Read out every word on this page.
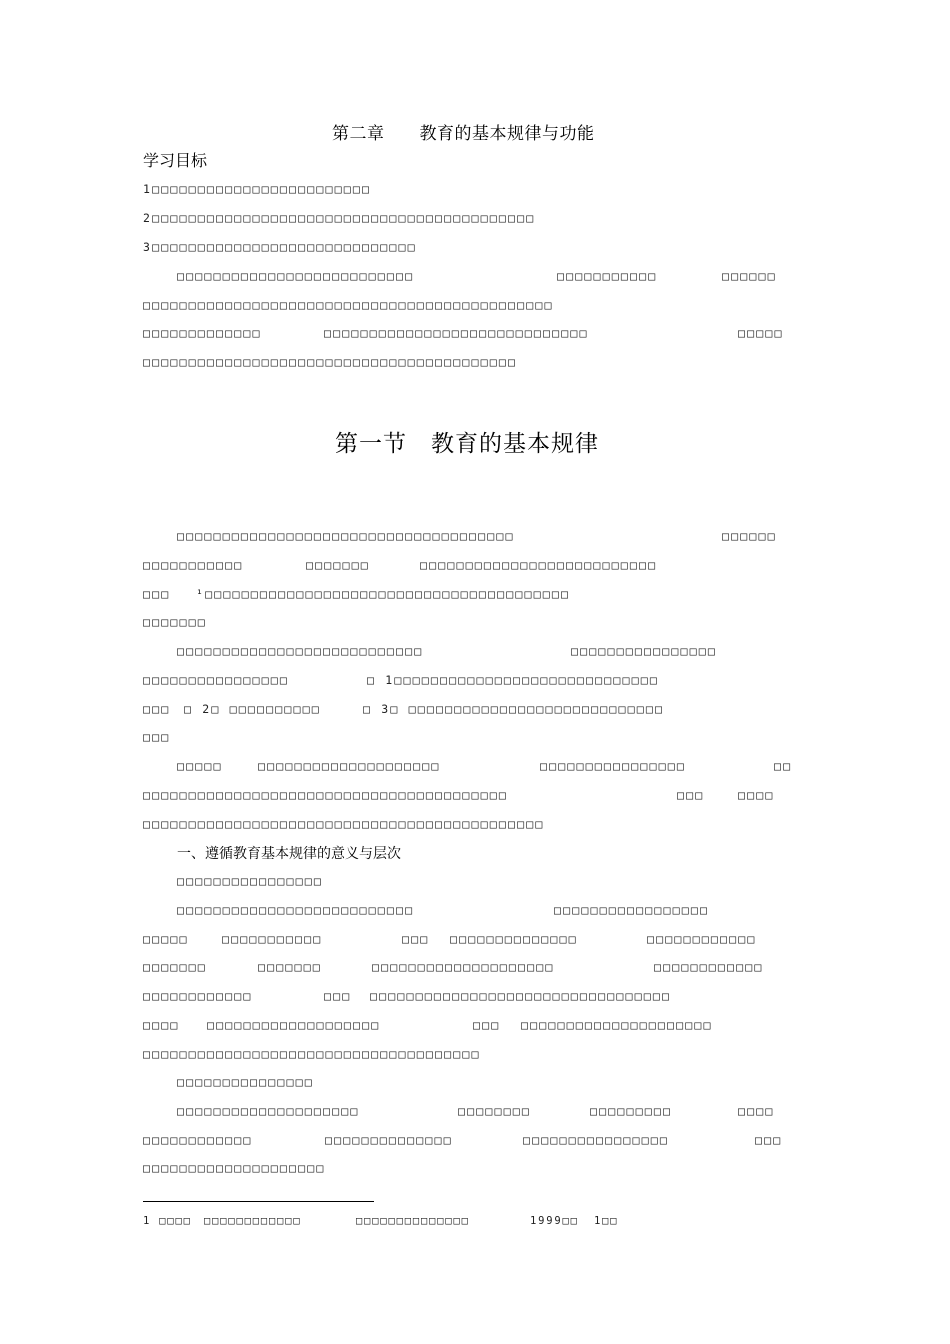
第二章　　教育的基本规律与功能
学习目标
1□□□□□□□□□□□□□□□□□□□□□□□□
2□□□□□□□□□□□□□□□□□□□□□□□□□□□□□□□□□□□□□□□□□□
3□□□□□□□□□□□□□□□□□□□□□□□□□□□□□
□□□□□□□□□□□□□□□□□□□□□□□□□□	□□□□□□□□□□□	□□□□□□
□□□□□□□□□□□□□□□□□□□□□□□□□□□□□□□□□□□□□□□□□□□□□
□□□□□□□□□□□□□	□□□□□□□□□□□□□□□□□□□□□□□□□□□□□	□□□□□
□□□□□□□□□□□□□□□□□□□□□□□□□□□□□□□□□□□□□□□□□
第一节　教育的基本规律
□□□□□□□□□□□□□□□□□□□□□□□□□□□□□□□□□□□□□	□□□□□□
□□□□□□□□□□□	□□□□□□□	□□□□□□□□□□□□□□□□□□□□□□□□□□
□□□ ¹□□□□□□□□□□□□□□□□□□□□□□□□□□□□□□□□□□□□□□□□
□□□□□□□
□□□□□□□□□□□□□□□□□□□□□□□□□□□	□□□□□□□□□□□□□□□□
□□□□□□□□□□□□□□□□	□ 1□□□□□□□□□□□□□□□□□□□□□□□□□□□□□
□□□ □ 2□ □□□□□□□□□□	□ 3□ □□□□□□□□□□□□□□□□□□□□□□□□□□□□
□□□
□□□□□	□□□□□□□□□□□□□□□□□□□□	□□□□□□□□□□□□□□□□	□□
□□□□□□□□□□□□□□□□□□□□□□□□□□□□□□□□□□□□□□□□	□□□	□□□□
□□□□□□□□□□□□□□□□□□□□□□□□□□□□□□□□□□□□□□□□□□□□
一、遵循教育基本规律的意义与层次
□□□□□□□□□□□□□□□□
□□□□□□□□□□□□□□□□□□□□□□□□□□	□□□□□□□□□□□□□□□□□
□□□□□	□□□□□□□□□□□	□□□ □□□□□□□□□□□□□□	□□□□□□□□□□□□
□□□□□□□	□□□□□□□	□□□□□□□□□□□□□□□□□□□□	□□□□□□□□□□□□
□□□□□□□□□□□□	□□□ □□□□□□□□□□□□□□□□□□□□□□□□□□□□□□□□□
□□□□ □□□□□□□□□□□□□□□□□□□	□□□ □□□□□□□□□□□□□□□□□□□□□
□□□□□□□□□□□□□□□□□□□□□□□□□□□□□□□□□□□□□
□□□□□□□□□□□□□□□
□□□□□□□□□□□□□□□□□□□□	□□□□□□□□	□□□□□□□□□	□□□□
□□□□□□□□□□□□	□□□□□□□□□□□□□□	□□□□□□□□□□□□□□□□	□□□
□□□□□□□□□□□□□□□□□□□□
1 □□□□ □□□□□□□□□□□□	□□□□□□□□□□□□□□	1999□□ 1□□
